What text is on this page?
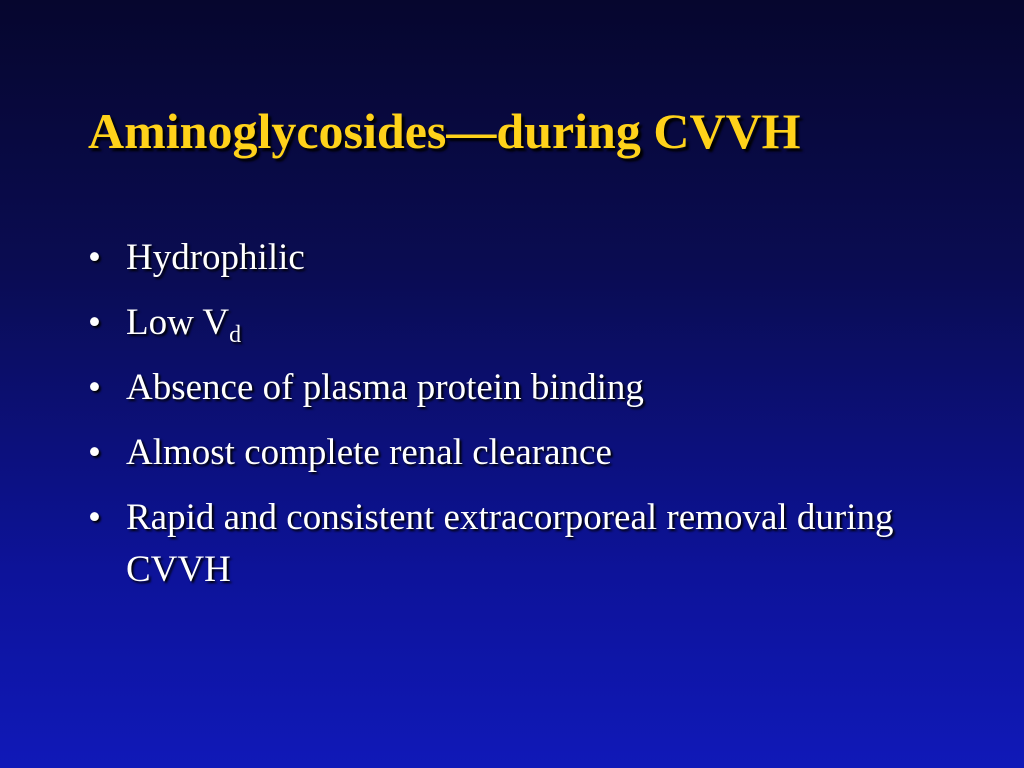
Aminoglycosides—during CVVH
• Hydrophilic
• Low $V_d$
• Absence of plasma protein binding
• Almost complete renal clearance
• Rapid and consistent extracorporeal removal during CVVH
